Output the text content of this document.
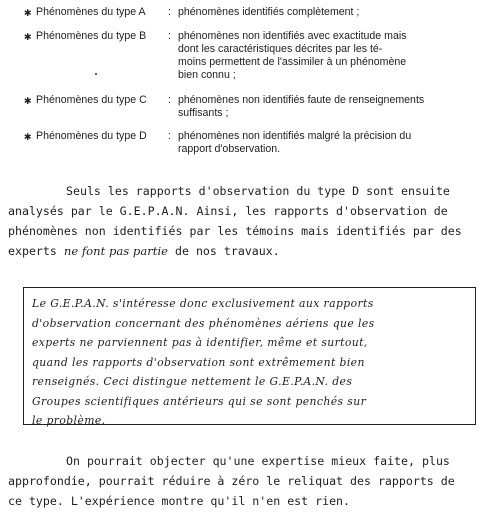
✱ Phénomènes du type A : phénomènes identifiés complètement ;
✱ Phénomènes du type B : phénomènes non identifiés avec exactitude mais
dont les caractéristiques décrites par les té-
moins permettent de l'assimiler à un phénomène
bien connu ;
✱ Phénomènes du type C : phénomènes non identifiés faute de renseignements
suffisants ;
✱ Phénomènes du type D : phénomènes non identifiés malgré la précision du
rapport d'observation.
Seuls les rapports d'observation du type D sont ensuite
analysés par le G.E.P.A.N. Ainsi, les rapports d'observation de
phénomènes non identifiés par les témoins mais identifiés par des
experts ne font pas partie de nos travaux.
Le G.E.P.A.N. s'intéresse donc exclusivement aux rapports
d'observation concernant des phénomènes aériens que les
experts ne parviennent pas à identifier, même et surtout,
quand les rapports d'observation sont extrêmement bien
renseignés. Ceci distingue nettement le G.E.P.A.N. des
Groupes scientifiques antérieurs qui se sont penchés sur
le problème.
On pourrait objecter qu'une expertise mieux faite, plus
approfondie, pourrait réduire à zéro le reliquat des rapports de
ce type. L'expérience montre qu'il n'en est rien.
